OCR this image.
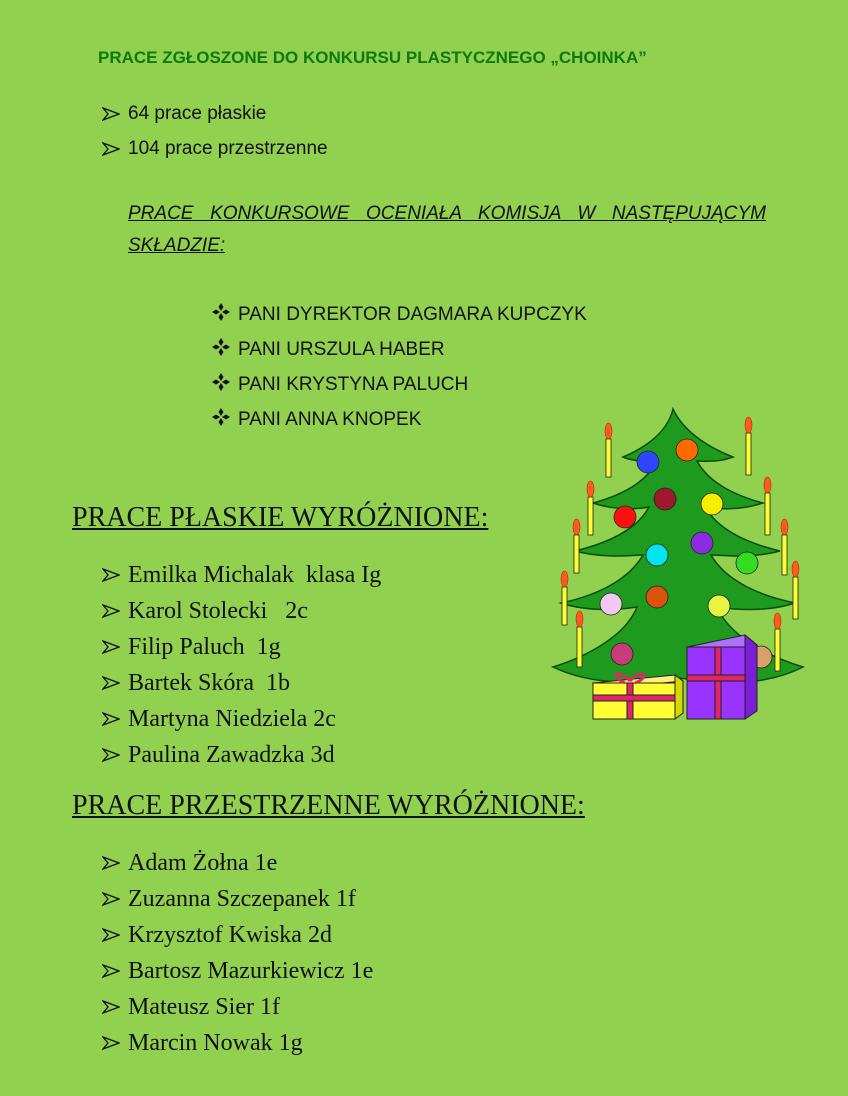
PRACE ZGŁOSZONE DO KONKURSU PLASTYCZNEGO „CHOINKA”
64 prace płaskie
104 prace przestrzenne
PRACE KONKURSOWE OCENIAŁA KOMISJA W NASTĘPUJĄCYM SKŁADZIE:
PANI DYREKTOR DAGMARA KUPCZYK
PANI URSZULA HABER
PANI KRYSTYNA PALUCH
PANI ANNA KNOPEK
PRACE PŁASKIE WYRÓŻNIONE:
Emilka Michalak  klasa Ig
Karol Stolecki   2c
Filip Paluch  1g
Bartek Skóra  1b
Martyna Niedziela 2c
Paulina Zawadzka 3d
PRACE PRZESTRZENNE WYRÓŻNIONE:
Adam Żołna 1e
Zuzanna Szczepanek 1f
Krzysztof Kwiska 2d
Bartosz Mazurkiewicz 1e
Mateusz Sier 1f
Marcin Nowak 1g
